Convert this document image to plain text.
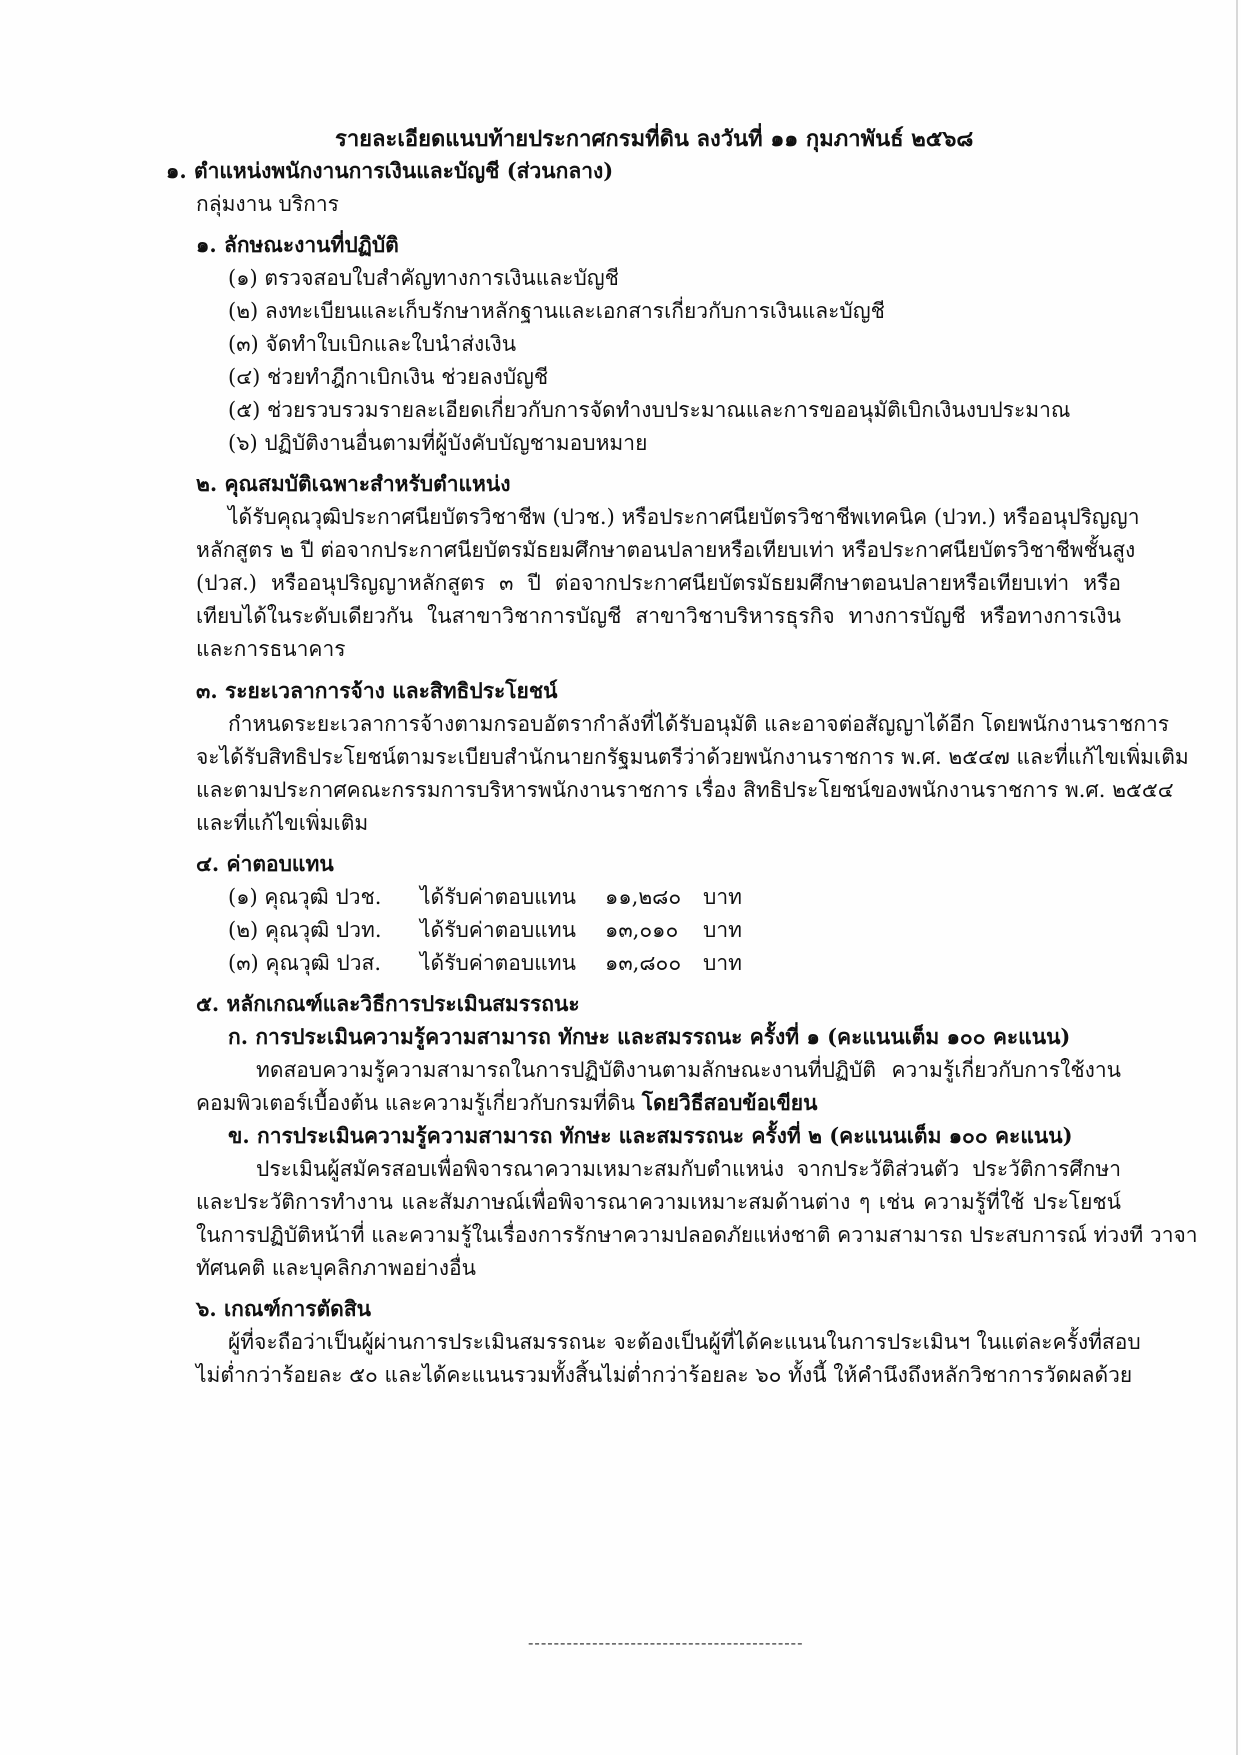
รายละเอียดแนบท้ายประกาศกรมที่ดิน ลงวันที่ ๑๑ กุมภาพันธ์ ๒๕๖๘
๑. ตำแหน่งพนักงานการเงินและบัญชี (ส่วนกลาง)
กลุ่มงาน บริการ
๑. ลักษณะงานที่ปฏิบัติ
(๑) ตรวจสอบใบสำคัญทางการเงินและบัญชี
(๒) ลงทะเบียนและเก็บรักษาหลักฐานและเอกสารเกี่ยวกับการเงินและบัญชี
(๓) จัดทำใบเบิกและใบนำส่งเงิน
(๔) ช่วยทำฎีกาเบิกเงิน ช่วยลงบัญชี
(๕) ช่วยรวบรวมรายละเอียดเกี่ยวกับการจัดทำงบประมาณและการขออนุมัติเบิกเงินงบประมาณ
(๖) ปฏิบัติงานอื่นตามที่ผู้บังคับบัญชามอบหมาย
๒. คุณสมบัติเฉพาะสำหรับตำแหน่ง
ได้รับคุณวุฒิประกาศนียบัตรวิชาชีพ (ปวช.) หรือประกาศนียบัตรวิชาชีพเทคนิค (ปวท.) หรืออนุปริญญา
หลักสูตร ๒ ปี ต่อจากประกาศนียบัตรมัธยมศึกษาตอนปลายหรือเทียบเท่า หรือประกาศนียบัตรวิชาชีพชั้นสูง
(ปวส.) หรืออนุปริญญาหลักสูตร ๓ ปี ต่อจากประกาศนียบัตรมัธยมศึกษาตอนปลายหรือเทียบเท่า หรือ
เทียบได้ในระดับเดียวกัน ในสาขาวิชาการบัญชี สาขาวิชาบริหารธุรกิจ ทางการบัญชี หรือทางการเงิน
และการธนาคาร
๓. ระยะเวลาการจ้าง และสิทธิประโยชน์
กำหนดระยะเวลาการจ้างตามกรอบอัตรากำลังที่ได้รับอนุมัติ และอาจต่อสัญญาได้อีก โดยพนักงานราชการ
จะได้รับสิทธิประโยชน์ตามระเบียบสำนักนายกรัฐมนตรีว่าด้วยพนักงานราชการ พ.ศ. ๒๕๔๗ และที่แก้ไขเพิ่มเติม
และตามประกาศคณะกรรมการบริหารพนักงานราชการ เรื่อง สิทธิประโยชน์ของพนักงานราชการ พ.ศ. ๒๕๕๔
และที่แก้ไขเพิ่มเติม
๔. ค่าตอบแทน
(๑) คุณวุฒิ ปวช. ได้รับค่าตอบแทน ๑๑,๒๘๐ บาท
(๒) คุณวุฒิ ปวท. ได้รับค่าตอบแทน ๑๓,๐๑๐ บาท
(๓) คุณวุฒิ ปวส. ได้รับค่าตอบแทน ๑๓,๘๐๐ บาท
๕. หลักเกณฑ์และวิธีการประเมินสมรรถนะ
ก. การประเมินความรู้ความสามารถ ทักษะ และสมรรถนะ ครั้งที่ ๑ (คะแนนเต็ม ๑๐๐ คะแนน)
ทดสอบความรู้ความสามารถในการปฏิบัติงานตามลักษณะงานที่ปฏิบัติ ความรู้เกี่ยวกับการใช้งาน
คอมพิวเตอร์เบื้องต้น และความรู้เกี่ยวกับกรมที่ดิน โดยวิธีสอบข้อเขียน
ข. การประเมินความรู้ความสามารถ ทักษะ และสมรรถนะ ครั้งที่ ๒ (คะแนนเต็ม ๑๐๐ คะแนน)
ประเมินผู้สมัครสอบเพื่อพิจารณาความเหมาะสมกับตำแหน่ง จากประวัติส่วนตัว ประวัติการศึกษา
และประวัติการทำงาน และสัมภาษณ์เพื่อพิจารณาความเหมาะสมด้านต่าง ๆ เช่น ความรู้ที่ใช้ ประโยชน์
ในการปฏิบัติหน้าที่ และความรู้ในเรื่องการรักษาความปลอดภัยแห่งชาติ ความสามารถ ประสบการณ์ ท่วงที วาจา
ทัศนคติ และบุคลิกภาพอย่างอื่น
๖. เกณฑ์การตัดสิน
ผู้ที่จะถือว่าเป็นผู้ผ่านการประเมินสมรรถนะ จะต้องเป็นผู้ที่ได้คะแนนในการประเมินฯ ในแต่ละครั้งที่สอบ
ไม่ต่ำกว่าร้อยละ ๕๐ และได้คะแนนรวมทั้งสิ้นไม่ต่ำกว่าร้อยละ ๖๐ ทั้งนี้ ให้คำนึงถึงหลักวิชาการวัดผลด้วย
-------------------------------------------
